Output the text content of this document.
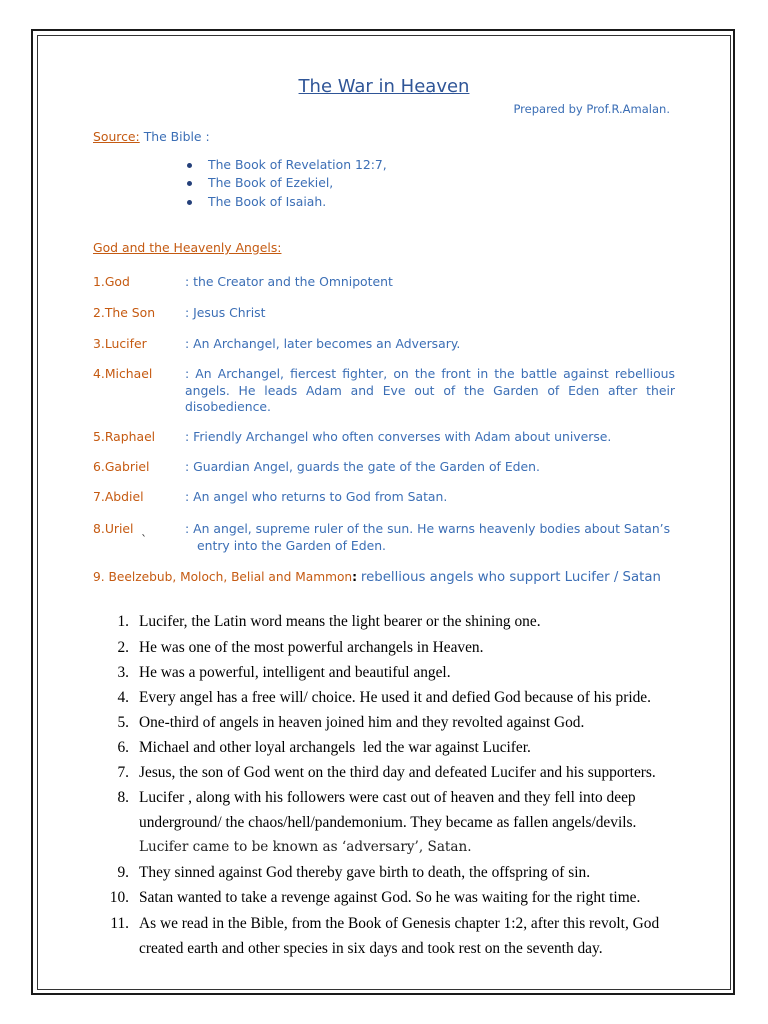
The War in Heaven
Prepared by Prof.R.Amalan.
Source: The Bible :
The Book of Revelation 12:7,
The Book of Ezekiel,
The Book of Isaiah.
God and the Heavenly Angels:
1.God	: the Creator and the Omnipotent
2.The Son : Jesus Christ
3.Lucifer	: An Archangel, later becomes an Adversary.
4.Michael	: An Archangel, fiercest fighter, on the front in the battle against rebellious
angels. He leads Adam and Eve out of the Garden of Eden after their
disobedience.
5.Raphael : Friendly Archangel who often converses with Adam about universe.
6.Gabriel	: Guardian Angel, guards the gate of the Garden of Eden.
7.Abdiel	: An angel who returns to God from Satan.
8.Uriel
`
: An angel, supreme ruler of the sun. He warns heavenly bodies about Satan’s
entry into the Garden of Eden.
9. Beelzebub, Moloch, Belial and Mammon: rebellious angels who support Lucifer / Satan
1. Lucifer, the Latin word means the light bearer or the shining one.
2. He was one of the most powerful archangels in Heaven.
3. He was a powerful, intelligent and beautiful angel.
4. Every angel has a free will/ choice. He used it and defied God because of his pride.
5. One-third of angels in heaven joined him and they revolted against God.
6. Michael and other loyal archangels  led the war against Lucifer.
7. Jesus, the son of God went on the third day and defeated Lucifer and his supporters.
8. Lucifer , along with his followers were cast out of heaven and they fell into deep
underground/ the chaos/hell/pandemonium. They became as fallen angels/devils.
Lucifer came to be known as ‘adversary’, Satan.
9. They sinned against God thereby gave birth to death, the offspring of sin.
10. Satan wanted to take a revenge against God. So he was waiting for the right time.
11. As we read in the Bible, from the Book of Genesis chapter 1:2, after this revolt, God
created earth and other species in six days and took rest on the seventh day.
